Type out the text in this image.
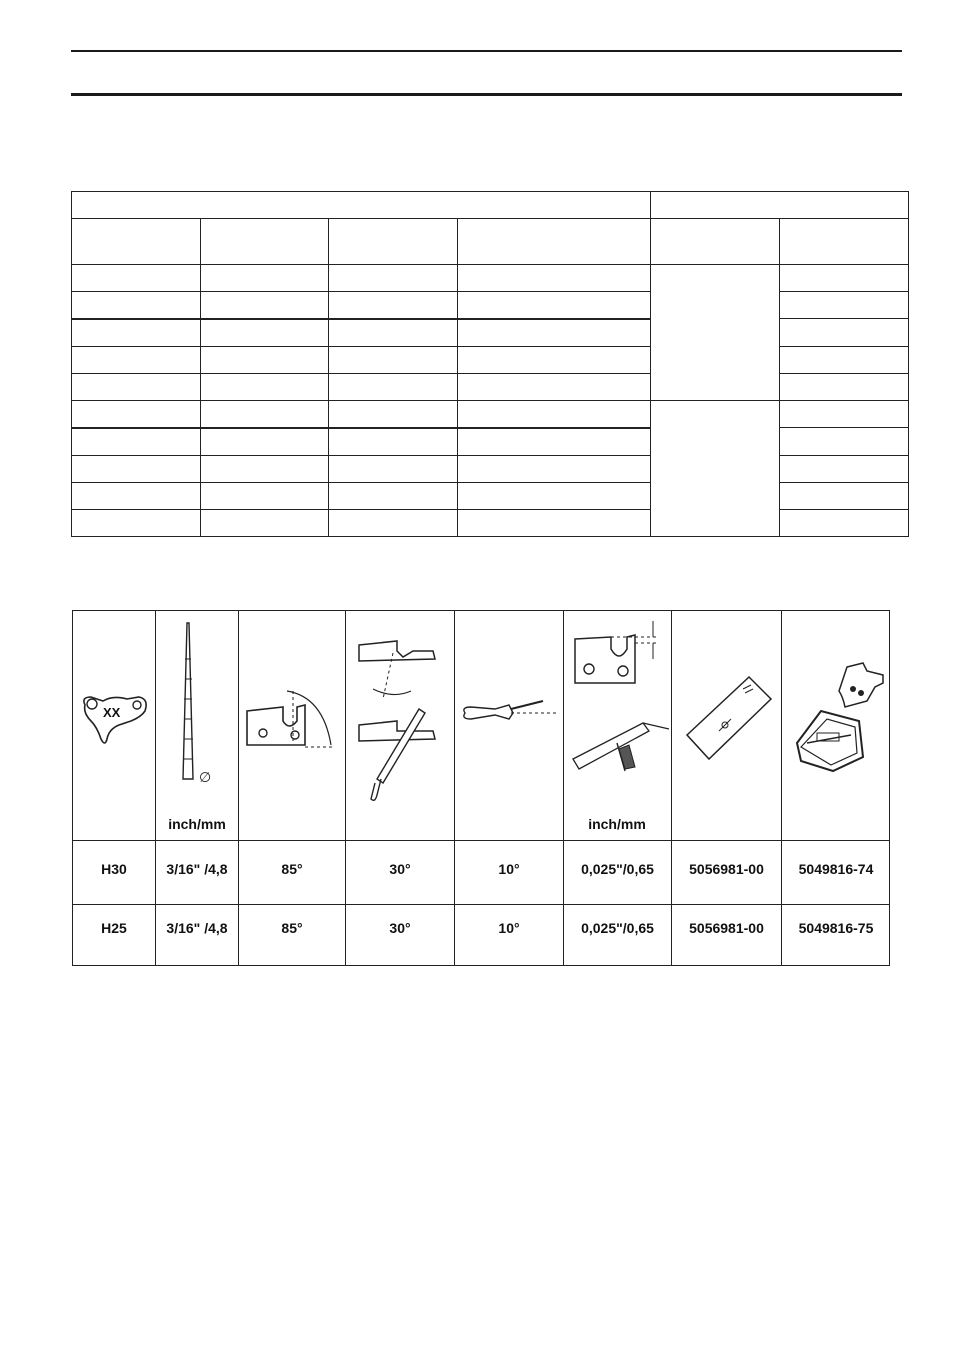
XX
∅
inch/mm	inch/mm
H30	3/16" /4,8	85°	30°	10°	0,025"/0,65	5056981-00	5049816-74
H25	3/16" /4,8	85°	30°	10°	0,025"/0,65	5056981-00	5049816-75
